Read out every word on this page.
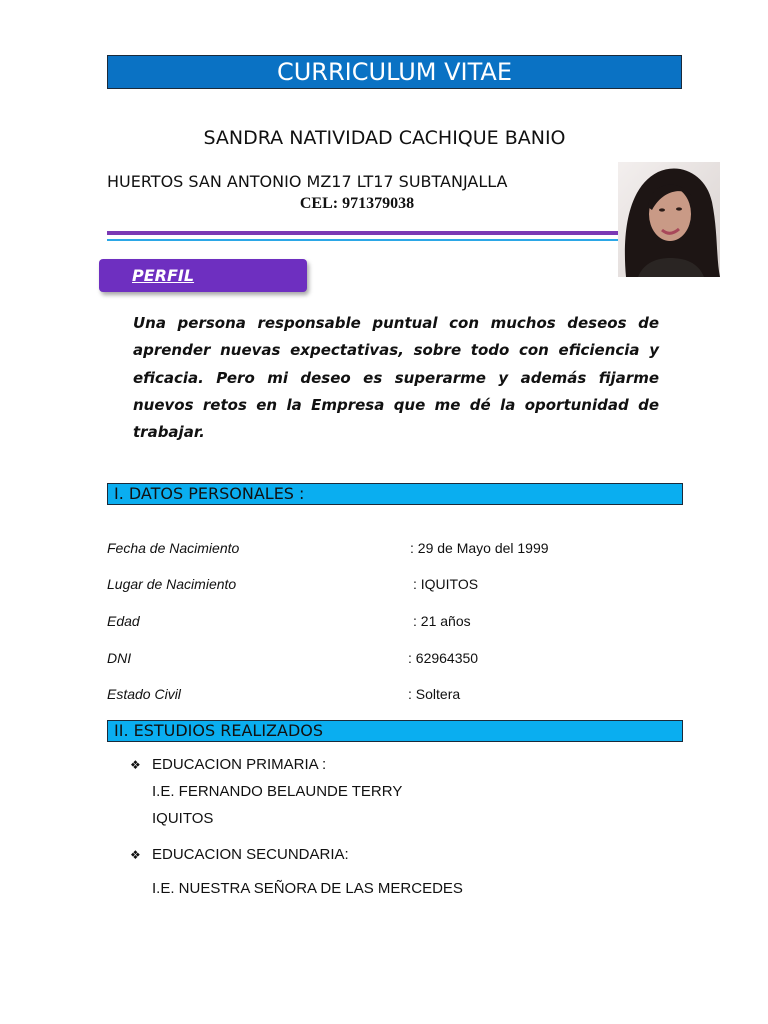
CURRICULUM VITAE
SANDRA NATIVIDAD CACHIQUE BANIO
HUERTOS SAN ANTONIO MZ17 LT17 SUBTANJALLA
CEL: 971379038
PERFIL
Una persona responsable puntual con muchos deseos de aprender nuevas expectativas, sobre todo con eficiencia y eficacia. Pero mi deseo es superarme y además fijarme nuevos retos en la Empresa que me dé la oportunidad de trabajar.
I. DATOS PERSONALES :
Fecha de Nacimiento	: 29 de Mayo del 1999
Lugar de Nacimiento	: IQUITOS
Edad	: 21 años
DNI	: 62964350
Estado Civil	: Soltera
II. ESTUDIOS REALIZADOS
❖ EDUCACION PRIMARIA :
I.E. FERNANDO BELAUNDE TERRY
IQUITOS
❖ EDUCACION SECUNDARIA:
I.E. NUESTRA SEÑORA DE LAS MERCEDES
